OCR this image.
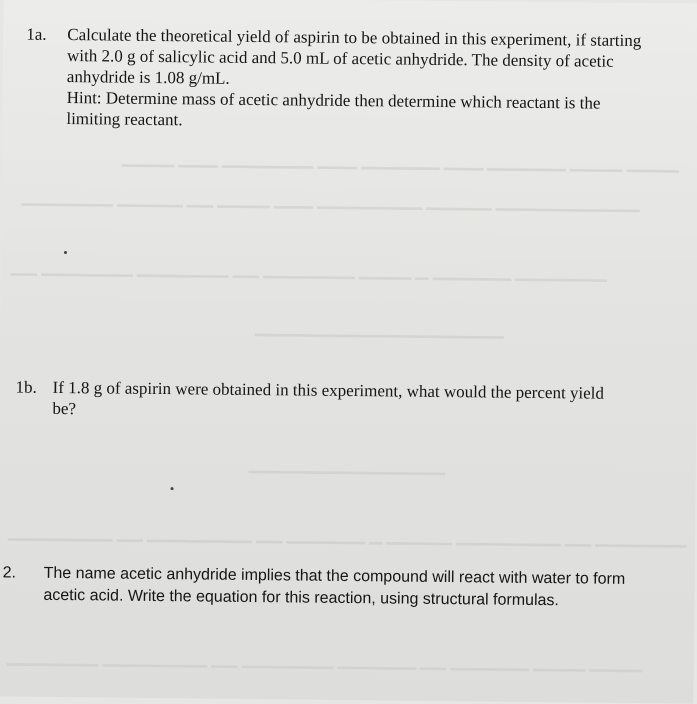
▁▁▁▁ ▁▁▁ ▁▁▁▁▁▁▁ ▁▁▁ ▁▁▁▁▁▁ ▁▁▁ ▁▁▁▁▁▁ ▁▁▁▁ ▁▁▁▁
▁▁▁▁▁▁▁ ▁▁▁▁▁ ▁▁ ▁▁▁▁ ▁▁▁ ▁▁▁▁▁▁▁▁ ▁▁▁▁▁ ▁▁▁▁▁▁▁▁▁▁▁
▁▁ ▁▁▁▁▁▁▁ ▁▁▁▁▁▁▁ ▁▁ ▁▁▁▁▁▁▁ ▁▁▁▁ ▁ ▁▁▁▁▁▁ ▁▁▁▁▁▁▁
▁▁▁▁▁▁▁▁▁▁▁▁▁▁▁▁▁▁▁
▁▁▁▁▁▁▁▁▁▁▁▁▁▁▁
▁▁▁▁▁▁▁▁ ▁▁ ▁▁▁▁▁▁▁▁ ▁▁ ▁▁▁▁▁▁ ▁ ▁▁▁▁▁ ▁▁▁▁▁▁▁▁ ▁▁ ▁▁▁▁▁▁▁
▁▁▁▁▁▁▁ ▁▁▁▁▁▁▁▁ ▁▁ ▁▁▁▁▁▁▁ ▁▁▁▁▁▁ ▁▁ ▁▁▁▁▁▁ ▁▁▁▁ ▁▁▁▁
1a. Calculate the theoretical yield of aspirin to be obtained in this experiment, if starting
with 2.0 g of salicylic acid and 5.0 mL of acetic anhydride. The density of acetic
anhydride is 1.08 g/mL.
Hint: Determine mass of acetic anhydride then determine which reactant is the
limiting reactant.
1b. If 1.8 g of aspirin were obtained in this experiment, what would the percent yield
be?
2. The name acetic anhydride implies that the compound will react with water to form
acetic acid. Write the equation for this reaction, using structural formulas.
